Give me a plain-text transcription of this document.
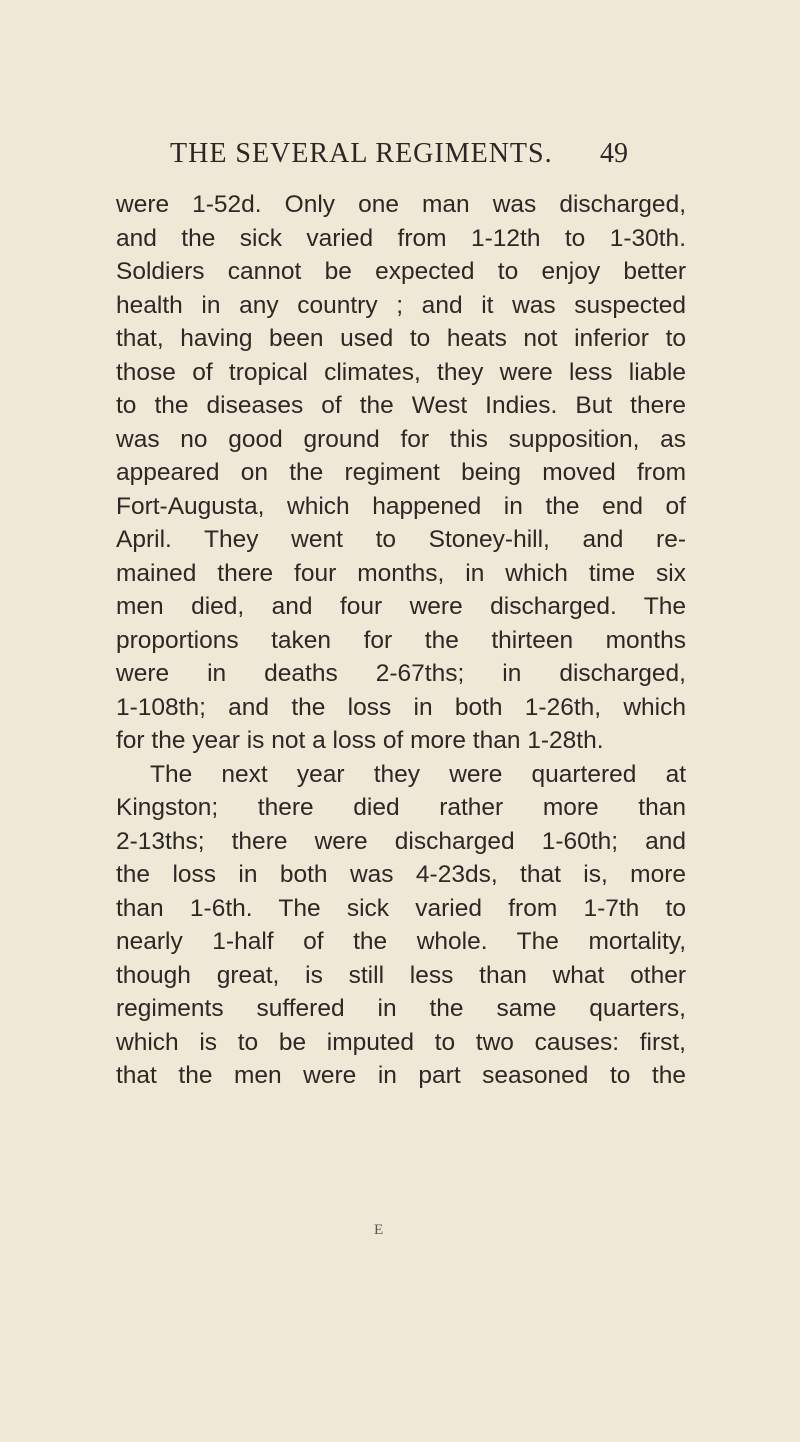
THE SEVERAL REGIMENTS. 49
were 1-52d. Only one man was discharged,
and the sick varied from 1-12th to 1-30th.
Soldiers cannot be expected to enjoy better
health in any country ; and it was suspected
that, having been used to heats not inferior to
those of tropical climates, they were less liable
to the diseases of the West Indies. But there
was no good ground for this supposition, as
appeared on the regiment being moved from
Fort-Augusta, which happened in the end of
April. They went to Stoney-hill, and re-
mained there four months, in which time six
men died, and four were discharged. The
proportions taken for the thirteen months
were in deaths 2-67ths; in discharged,
1-108th; and the loss in both 1-26th, which
for the year is not a loss of more than 1-28th.
The next year they were quartered at
Kingston; there died rather more than
2-13ths; there were discharged 1-60th; and
the loss in both was 4-23ds, that is, more
than 1-6th. The sick varied from 1-7th to
nearly 1-half of the whole. The mortality,
though great, is still less than what other
regiments suffered in the same quarters,
which is to be imputed to two causes: first,
that the men were in part seasoned to the
E
